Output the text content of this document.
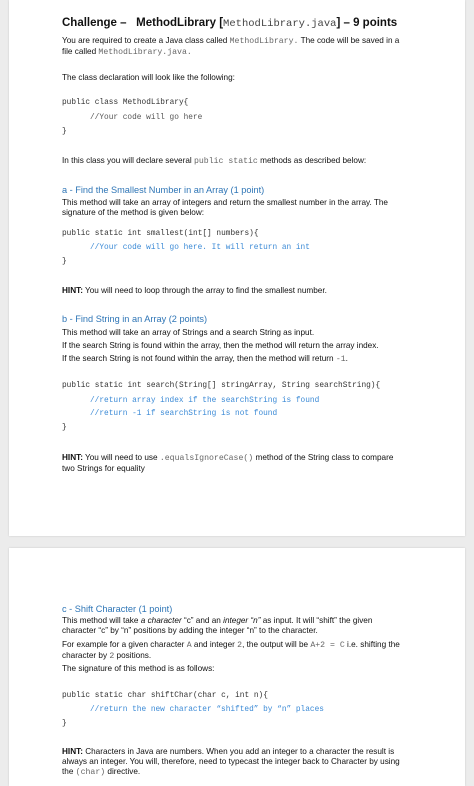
Challenge – MethodLibrary [MethodLibrary.java] – 9 points
You are required to create a Java class called MethodLibrary. The code will be saved in a
file called MethodLibrary.java.
The class declaration will look like the following:
public class MethodLibrary{
//Your code will go here
}
In this class you will declare several public static methods as described below:
a - Find the Smallest Number in an Array (1 point)
This method will take an array of integers and return the smallest number in the array. The
signature of the method is given below:
public static int smallest(int[] numbers){
//Your code will go here. It will return an int
}
HINT: You will need to loop through the array to find the smallest number.
b - Find String in an Array (2 points)
This method will take an array of Strings and a search String as input.
If the search String is found within the array, then the method will return the array index.
If the search String is not found within the array, then the method will return -1.
public static int search(String[] stringArray, String searchString){
//return array index if the searchString is found
//return -1 if searchString is not found
}
HINT: You will need to use .equalsIgnoreCase() method of the String class to compare
two Strings for equality
c - Shift Character (1 point)
This method will take a character “c” and an integer “n” as input. It will “shift” the given
character “c” by “n” positions by adding the integer “n” to the character.
For example for a given character A and integer 2, the output will be A+2 = C i.e. shifting the
character by 2 positions.
The signature of this method is as follows:
public static char shiftChar(char c, int n){
//return the new character “shifted” by “n” places
}
HINT: Characters in Java are numbers. When you add an integer to a character the result is
always an integer. You will, therefore, need to typecast the integer back to Character by using
the (char) directive.
